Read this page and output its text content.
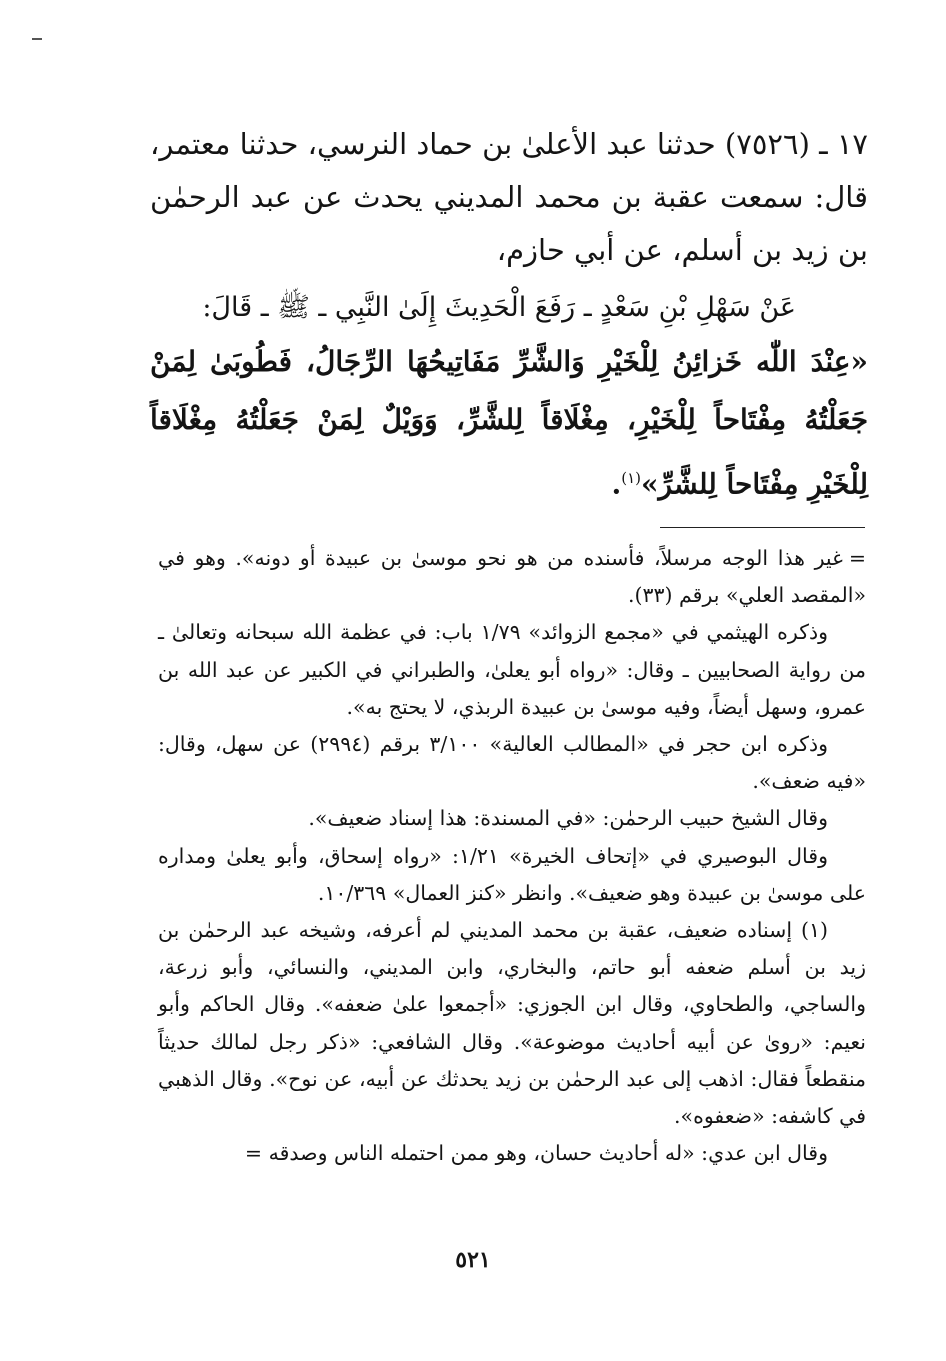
١٧ ـ (٧٥٢٦) حدثنا عبد الأعلىٰ بن حماد النرسي، حدثنا معتمر، قال: سمعت عقبة بن محمد المديني يحدث عن عبد الرحمٰن بن زيد بن أسلم، عن أبي حازم،

عَنْ سَهْلِ بْنِ سَعْدٍ ـ رَفَعَ الْحَدِيثَ إِلَىٰ النَّبِي ـ ﷺ ـ قَالَ:

«عِنْدَ اللّٰه خَزائِنُ لِلْخَيْرِ وَالشَّرِّ مَفَاتِيحُهَا الرِّجَالُ، فَطُوبَىٰ لِمَنْ جَعَلْتُهُ مِفْتَاحاً لِلْخَيْرِ، مِغْلَاقاً لِلشَّرِّ، وَوَيْلٌ لِمَنْ جَعَلْتُهُ مِغْلَاقاً لِلْخَيْرِ مِفْتَاحاً لِلشَّرِّ»$^{(١)}$.

=غير هذا الوجه مرسلاً، فأسنده من هو نحو موسىٰ بن عبيدة أو دونه». وهو في «المقصد العلي» برقم (٣٣).

وذكره الهيثمي في «مجمع الزوائد» ١/٧٩ باب: في عظمة الله سبحانه وتعالىٰ ـ من رواية الصحابيين ـ وقال: «رواه أبو يعلىٰ، والطبراني في الكبير عن عبد الله بن عمرو، وسهل أيضاً، وفيه موسىٰ بن عبيدة الربذي، لا يحتج به».

وذكره ابن حجر في «المطالب العالية» ٣/١٠٠ برقم (٢٩٩٤) عن سهل، وقال: «فيه ضعف».

وقال الشيخ حبيب الرحمٰن: «في المسندة: هذا إسناد ضعيف».

وقال البوصيري في «إتحاف الخيرة» ١/٢١: «رواه إسحاق، وأبو يعلىٰ ومداره على موسىٰ بن عبيدة وهو ضعيف». وانظر «كنز العمال» ١٠/٣٦٩.

(١) إسناده ضعيف، عقبة بن محمد المديني لم أعرفه، وشيخه عبد الرحمٰن بن زيد بن أسلم ضعفه أبو حاتم، والبخاري، وابن المديني، والنسائي، وأبو زرعة، والساجي، والطحاوي، وقال ابن الجوزي: «أجمعوا علىٰ ضعفه». وقال الحاكم وأبو نعيم: «روىٰ عن أبيه أحاديث موضوعة». وقال الشافعي: «ذكر رجل لمالك حديثاً منقطعاً فقال: اذهب إلى عبد الرحمٰن بن زيد يحدثك عن أبيه، عن نوح». وقال الذهبي في كاشفه: «ضعفوه».

وقال ابن عدي: «له أحاديث حسان، وهو ممن احتمله الناس وصدقه =

٥٢١
